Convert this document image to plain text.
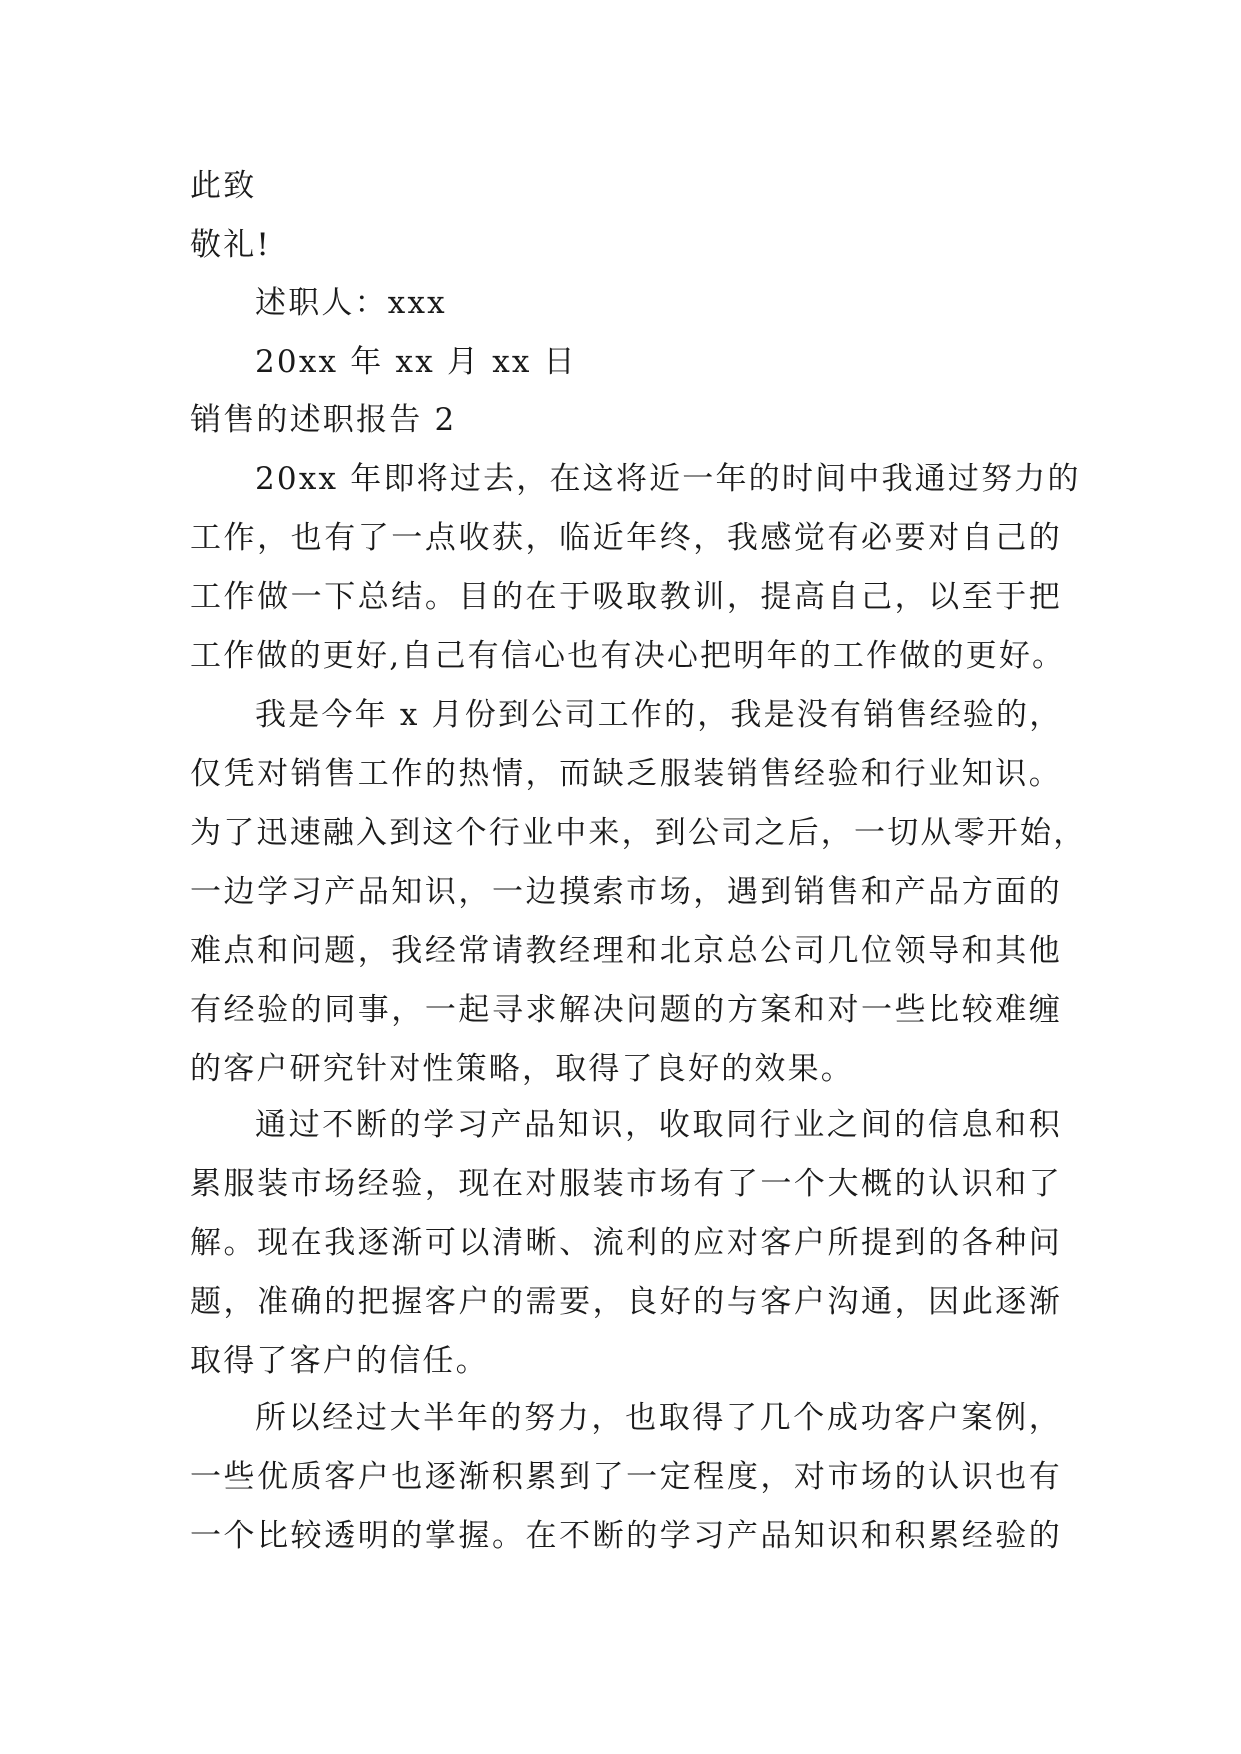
此致
敬礼!
述职人：xxx
20xx 年 xx 月 xx 日
销售的述职报告 2
20xx 年即将过去，在这将近一年的时间中我通过努力的
工作，也有了一点收获，临近年终，我感觉有必要对自己的
工作做一下总结。目的在于吸取教训，提高自己，以至于把
工作做的更好,自己有信心也有决心把明年的工作做的更好。
我是今年 x 月份到公司工作的，我是没有销售经验的，
仅凭对销售工作的热情，而缺乏服装销售经验和行业知识。
为了迅速融入到这个行业中来，到公司之后，一切从零开始，
一边学习产品知识，一边摸索市场，遇到销售和产品方面的
难点和问题，我经常请教经理和北京总公司几位领导和其他
有经验的同事，一起寻求解决问题的方案和对一些比较难缠
的客户研究针对性策略，取得了良好的效果。
通过不断的学习产品知识，收取同行业之间的信息和积
累服装市场经验，现在对服装市场有了一个大概的认识和了
解。现在我逐渐可以清晰、流利的应对客户所提到的各种问
题，准确的把握客户的需要，良好的与客户沟通，因此逐渐
取得了客户的信任。
所以经过大半年的努力，也取得了几个成功客户案例，
一些优质客户也逐渐积累到了一定程度，对市场的认识也有
一个比较透明的掌握。在不断的学习产品知识和积累经验的
